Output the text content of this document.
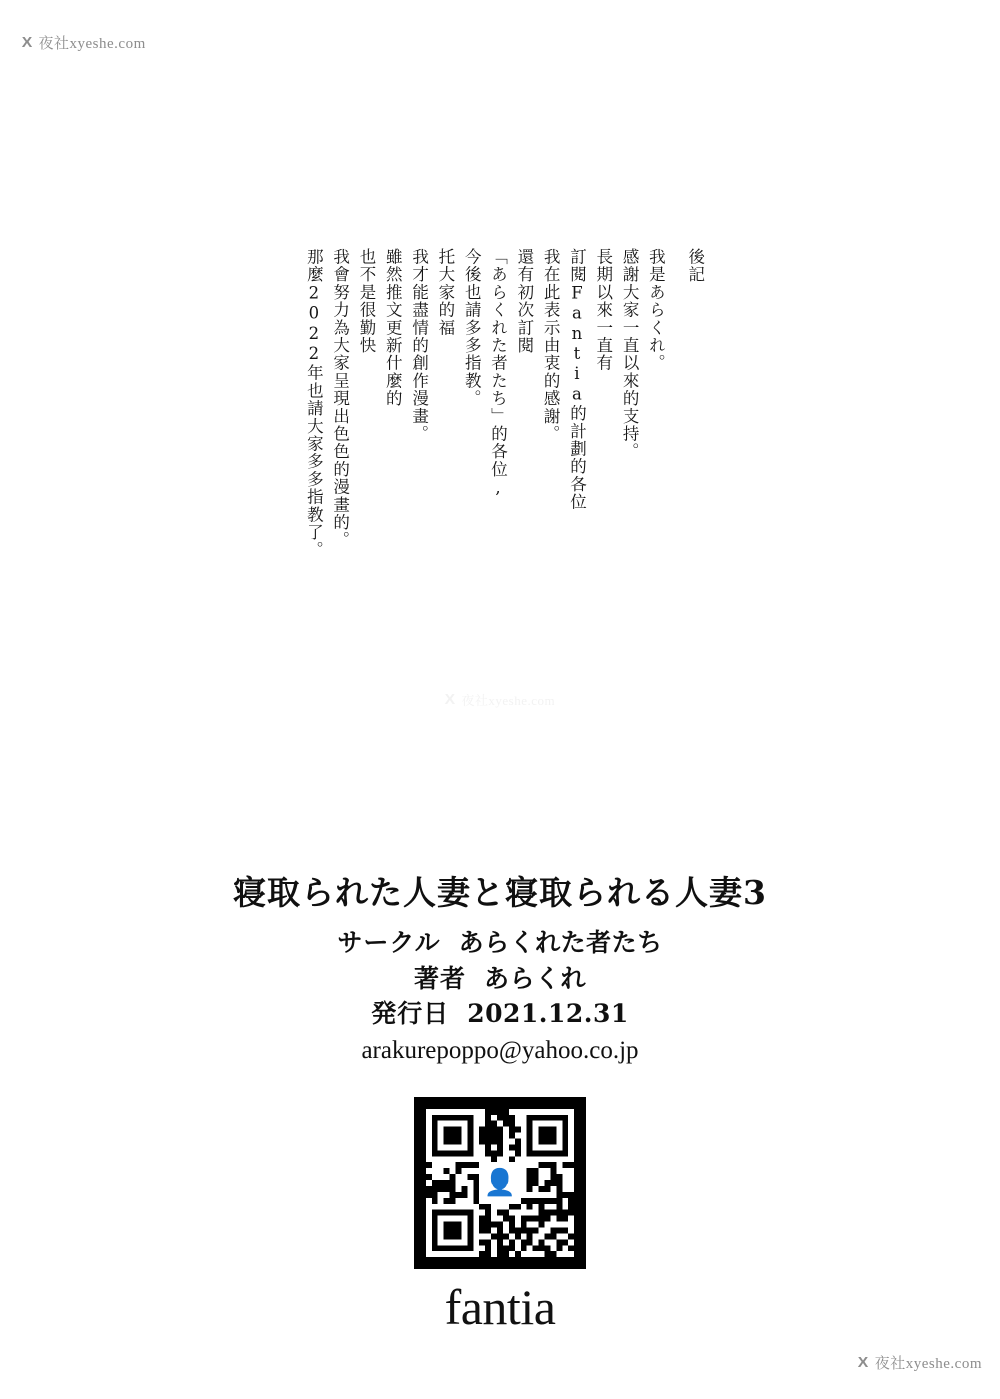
X 夜社xyeshe.com
X 夜社xyeshe.com
後記
我是あらくれ。
感謝大家一直以來的支持。
長期以來一直有
訂閱Fantia的計劃的各位
我在此表示由衷的感謝。
還有初次訂閱
「あらくれた者たち」的各位,
今後也請多多指教。
托大家的福
我才能盡情的創作漫畫。
雖然推文更新什麼的
也不是很勤快
我會努力為大家呈現出色色的漫畫的。
那麼2022年也請大家多多指教了。
寝取られた人妻と寝取られる人妻3
サークル あらくれた者たち
著者 あらくれ
発行日 2021.12.31
arakurepoppo@yahoo.co.jp
👤
fantia
X 夜社xyeshe.com
